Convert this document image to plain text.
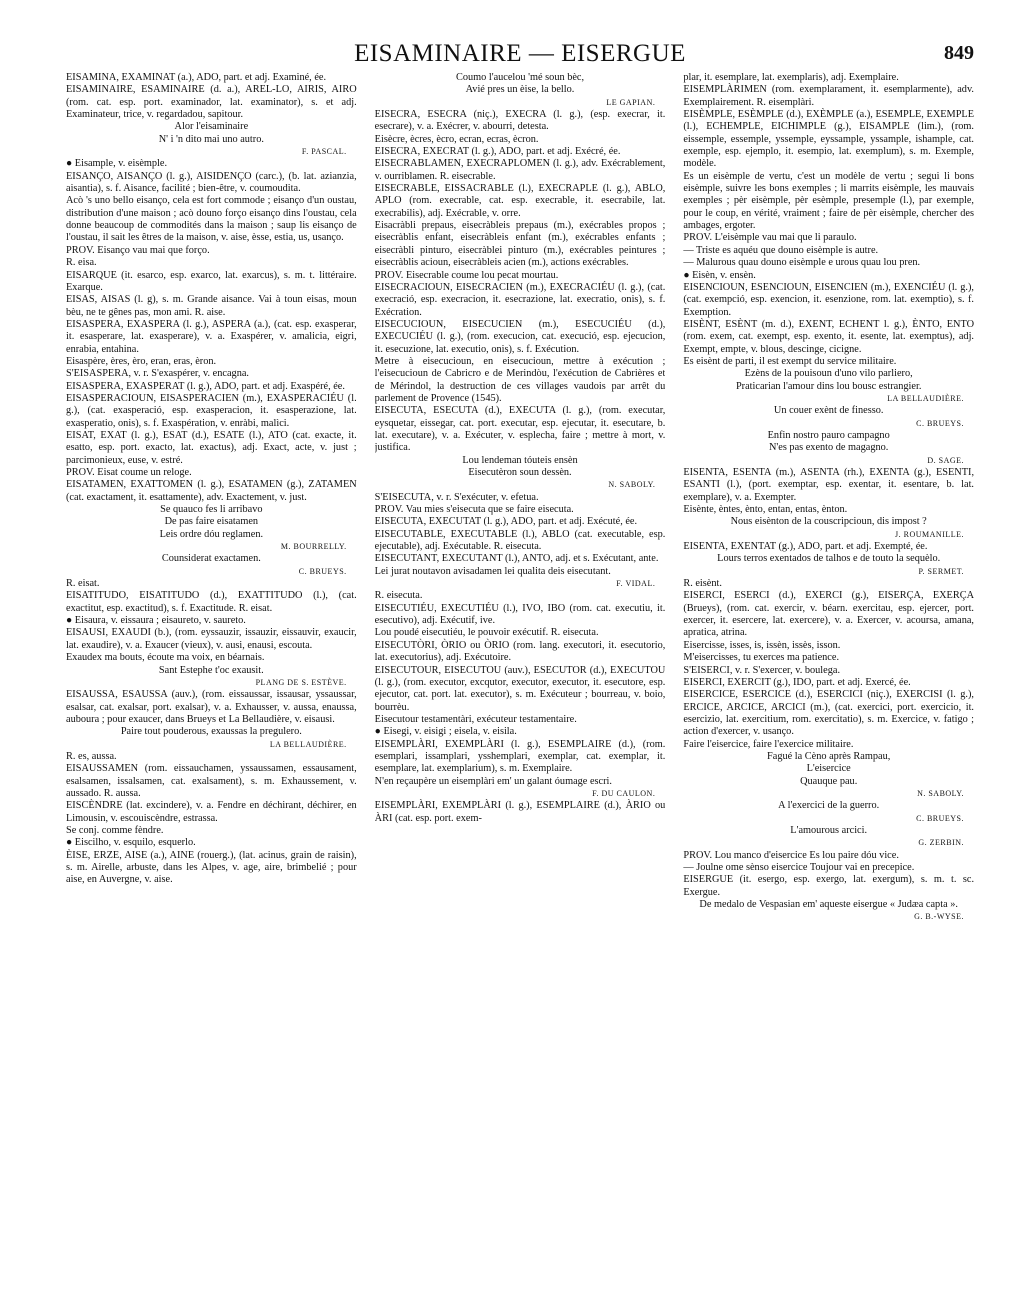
EISAMINAIRE — EISERGUE	849

EISAMINA, EXAMINAT (a.), ADO, part. et adj. Examiné, ée.

EISAMINAIRE, ESAMINAIRE (d. a.), AREL-LO, AIRIS, AIRO (rom. cat. esp. port. examinador, lat. examinator), s. et adj. Examinateur, trice, v. regardadou, sapitour.

Alor l'eisaminaire

N' i 'n dito mai uno autro.

F. PASCAL.

● Eisample, v. eisèmple.

EISANÇO, AISANÇO (l. g.), AISIDENÇO (carc.), (b. lat. azianzia, aisantia), s. f. Aisance, facilité ; bien-être, v. coumoudita.

Acò 's uno bello eisanço, cela est fort commode ; eisanço d'un oustau, distribution d'une maison ; acò douno forço eisanço dins l'oustau, cela donne beaucoup de commodités dans la maison ; saup lis eisanço de l'oustau, il sait les êtres de la maison, v. aise, èsse, estia, us, usanço.

PROV. Eisanço vau mai que forço.

R. eisa.

EISARQUE (it. esarco, esp. exarco, lat. exarcus), s. m. t. littéraire. Exarque.

EISAS, AISAS (l. g), s. m. Grande aisance. Vai à toun eisas, moun bèu, ne te gênes pas, mon ami. R. aise.

EISASPERA, EXASPERA (l. g.), ASPERA (a.), (cat. esp. exasperar, it. esasperare, lat. exasperare), v. a. Exaspérer, v. amalicia, eigri, enrabia, entahina.

Eisaspère, ères, èro, eran, eras, èron.

S'EISASPERA, v. r. S'exaspérer, v. encagna.

EISASPERA, EXASPERAT (l. g.), ADO, part. et adj. Exaspéré, ée.

EISASPERACIOUN, EISASPERACIEN (m.), EXASPERACIÉU (l. g.), (cat. exasperació, esp. exasperacion, it. esasperazione, lat. exasperatio, onis), s. f. Exaspération, v. enràbi, malìci.

EISAT, EXAT (l. g.), ESAT (d.), ESATE (l.), ATO (cat. exacte, it. esatto, esp. port. exacto, lat. exactus), adj. Exact, acte, v. just ; parcimonieux, euse, v. estré.

PROV. Eisat coume un reloge.

EISATAMEN, EXATTOMEN (l. g.), ESATAMEN (g.), ZATAMEN (cat. exactament, it. esattamente), adv. Exactement, v. just.

Se quauco fes li arribavo

De pas faire eisatamen

Leis ordre dóu reglamen.

M. BOURRELLY.

Counsiderat exactamen.

C. BRUEYS.

R. eisat.

EISATITUDO, EISATITUDO (d.), EXATTITUDO (l.), (cat. exactitut, esp. exactitud), s. f. Exactitude. R. eisat.

● Eisaura, v. eissaura ; eisaureto, v. saureto.

EISAUSI, EXAUDI (b.), (rom. eyssauzir, issauzir, eissauvir, exaucir, lat. exaudire), v. a. Exaucer (vieux), v. ausi, enausi, escouta.

Exaudex ma bouts, écoute ma voix, en béarnais.

Sant Estephe t'oc exausit.

PLANG DE S. ESTÈVE.

EISAUSSA, ESAUSSA (auv.), (rom. eissaussar, issausar, yssaussar, esalsar, cat. exalsar, port. exalsar), v. a. Exhausser, v. aussa, enaussa, auboura ; pour exaucer, dans Brueys et La Bellaudière, v. eisausi.

Paire tout pouderous, exaussas la pregulero.

LA BELLAUDIÈRE.

R. es, aussa.

EISAUSSAMEN (rom. eissauchamen, yssaussamen, essausament, esalsamen, issalsamen, cat. exalsament), s. m. Exhaussement, v. aussado. R. aussa.

EISCÈNDRE (lat. excindere), v. a. Fendre en déchirant, déchirer, en Limousin, v. escouiscèndre, estrassa.

Se conj. comme fèndre.

● Eiscilho, v. esquilo, esquerlo.

ÈISE, ERZE, AISE (a.), AINE (rouerg.), (lat. acinus, grain de raisin), s. m. Airelle, arbuste, dans les Alpes, v. age, aire, brimbelié ; pour aise, en Auvergne, v. aise.

Coumo l'aucelou 'mé soun bèc,

Avié pres un èise, la bello.

LE GAPIAN.

EISECRA, ESECRA (niç.), EXECRA (l. g.), (esp. execrar, it. esecrare), v. a. Exécrer, v. abourri, detesta.

Eisècre, ècres, ècro, ecran, ecras, ècron.

EISECRA, EXECRAT (l. g.), ADO, part. et adj. Exécré, ée.

EISECRABLAMEN, EXECRAPLOMEN (l. g.), adv. Exécrablement, v. ourriblamen. R. eisecrable.

EISECRABLE, EISSACRABLE (l.), EXECRAPLE (l. g.), ABLO, APLO (rom. execrable, cat. esp. execrable, it. esecrabile, lat. execrabilis), adj. Exécrable, v. orre.

Eisacràbli prepaus, eisecràbleis prepaus (m.), exécrables propos ; eisecràblis enfant, eisecràbleis enfant (m.), exécrables enfants ; eisecràbli pinturo, eisecràblei pinturo (m.), exécrables peintures ; eisecràblis acioun, eisecràbleis acien (m.), actions exécrables.

PROV. Eisecrable coume lou pecat mourtau.

EISECRACIOUN, EISECRACIEN (m.), EXECRACIÉU (l. g.), (cat. execració, esp. execracion, it. esecrazione, lat. execratio, onis), s. f. Exécration.

EISECUCIOUN, EISECUCIEN (m.), ESECUCIÉU (d.), EXECUCIÉU (l. g.), (rom. execucion, cat. execució, esp. ejecucion, it. esecuzione, lat. executio, onis), s. f. Exécution.

Metre à eisecucioun, en eisecucioun, mettre à exécution ; l'eisecucioun de Cabricro e de Merindòu, l'exécution de Cabrières et de Mérindol, la destruction de ces villages vaudois par arrêt du parlement de Provence (1545).

EISECUTA, ESECUTA (d.), EXECUTA (l. g.), (rom. executar, eysquetar, eissegar, cat. port. executar, esp. ejecutar, it. esecutare, b. lat. executare), v. a. Exécuter, v. esplecha, faire ; mettre à mort, v. justifica.

Lou lendeman tóuteis ensèn

Eisecutèron soun dessèn.

N. SABOLY.

S'EISECUTA, v. r. S'exécuter, v. efetua.

PROV. Vau mies s'eisecuta que se faire eisecuta.

EISECUTA, EXECUTAT (l. g.), ADO, part. et adj. Exécuté, ée.

EISECUTABLE, EXECUTABLE (l.), ABLO (cat. executable, esp. ejecutable), adj. Exécutable. R. eisecuta.

EISECUTANT, EXECUTANT (l.), ANTO, adj. et s. Exécutant, ante.

Lei jurat noutavon avisadamen lei qualita deis eisecutant.

F. VIDAL.

R. eisecuta.

EISECUTIÉU, EXECUTIÉU (l.), IVO, IBO (rom. cat. executiu, it. esecutivo), adj. Exécutif, ive.

Lou poudé eisecutiéu, le pouvoir exécutif. R. eisecuta.

EISECUTÒRI, ÒRIO ou ÒRIO (rom. lang. executori, it. esecutorio, lat. executorius), adj. Exécutoire.

EISECUTOUR, EISECUTOU (auv.), ESECUTOR (d.), EXECUTOU (l. g.), (rom. executor, excqutor, executor, executor, it. esecutore, esp. ejecutor, cat. port. lat. executor), s. m. Exécuteur ; bourreau, v. boio, bourrèu.

Eisecutour testamentàri, exécuteur testamentaire.

● Eisegi, v. eisigi ; eisela, v. eisila.

EISEMPLÀRI, EXEMPLÀRI (l. g.), ESEMPLAIRE (d.), (rom. esemplari, issamplari, ysshemplari, exemplar, cat. exemplar, it. esemplare, lat. exemplarium), s. m. Exemplaire.

N'en reçaupère un eisemplàri em' un galant óumage escri.

F. DU CAULON.

EISEMPLÀRI, EXEMPLÀRI (l. g.), ESEMPLAIRE (d.), ÀRIO ou ÀRI (cat. esp. port. exem-

plar, it. esemplare, lat. exemplaris), adj. Exemplaire.

EISEMPLÀRIMEN (rom. exemplarament, it. esemplarmente), adv. Exemplairement. R. eisemplàri.

EISÈMPLE, ESÈMPLE (d.), EXÈMPLE (a.), ESEMPLE, EXEMPLE (l.), ECHEMPLE, EICHIMPLE (g.), EISAMPLE (lim.), (rom. eissemple, essemple, yssemple, eyssample, yssample, ishample, cat. exemple, esp. ejemplo, it. esempio, lat. exemplum), s. m. Exemple, modèle.

Es un eisèmple de vertu, c'est un modèle de vertu ; segui li bons eisèmple, suivre les bons exemples ; li marrits eisèmple, les mauvais exemples ; pèr eisèmple, pèr esèmple, presemple (l.), par exemple, pour le coup, en vérité, vraiment ; faire de pèr eisèmple, chercher des ambages, ergoter.

PROV. L'eisèmple vau mai que li paraulo.

— Triste es aquéu que douno eisèmple is autre.

— Malurous quau douno eisèmple e urous quau lou pren.

● Eisèn, v. ensèn.

EISENCIOUN, ESENCIOUN, EISENCIEN (m.), EXENCIÉU (l. g.), (cat. exempció, esp. exencion, it. esenzione, rom. lat. exemptio), s. f. Exemption.

EISÈNT, ESÈNT (m. d.), EXENT, ECHENT l. g.), ÈNTO, ENTO (rom. exem, cat. exempt, esp. exento, it. esente, lat. exemptus), adj. Exempt, empte, v. blous, descinge, cicigne.

Es eisènt de parti, il est exempt du service militaire.

Ezèns de la pouisoun d'uno vilo parliero,

Praticarian l'amour dins lou bousc estrangier.

LA BELLAUDIÈRE.

Un couer exènt de finesso.

C. BRUEYS.

Enfin nostro pauro campagno

N'es pas exento de magagno.

D. SAGE.

EISENTA, ESENTA (m.), ASENTA (rh.), EXENTA (g.), ESENTI, ESANTI (l.), (port. exemptar, esp. exentar, it. esentare, b. lat. exemplare), v. a. Exempter.

Eisènte, èntes, ènto, entan, entas, ènton.

Nous eisènton de la couscripcioun, dis impost ?

J. ROUMANILLE.

EISENTA, EXENTAT (g.), ADO, part. et adj. Exempté, ée.

Lours terros exentados de talhos e de touto la sequèlo.

P. SERMET.

R. eisènt.

EISERCI, ESERCI (d.), EXERCI (g.), EISERÇA, EXERÇA (Brueys), (rom. cat. exercir, v. béarn. exercitau, esp. ejercer, port. exercer, it. esercere, lat. exercere), v. a. Exercer, v. acoursa, amana, apratica, atrina.

Eisercisse, isses, is, issèn, issès, isson.

M'eisercisses, tu exerces ma patience.

S'EISERCI, v. r. S'exercer, v. boulega.

EISERCI, EXERCIT (g.), IDO, part. et adj. Exercé, ée.

EISERCICE, ESERCICE (d.), ESERCICI (niç.), EXERCISI (l. g.), ERCICE, ARCICE, ARCICI (m.), (cat. exercici, port. exercicio, it. esercizio, lat. exercitium, rom. exercitatio), s. m. Exercice, v. fatigo ; action d'exercer, v. usanço.

Faire l'eisercice, faire l'exercice militaire.

Fagué la Cèno après Rampau,

L'eisercice

Quauque pau.

N. SABOLY.

A l'exercici de la guerro.

C. BRUEYS.

L'amourous arcici.

G. ZERBIN.

PROV. Lou manco d'eisercice Es lou paire dóu vice.

— Joulne ome sènso eisercice Toujour vai en precepice.

EISERGUE (it. esergo, esp. exergo, lat. exergum), s. m. t. sc. Exergue.

De medalo de Vespasian em' aqueste eisergue « Judæa capta ».

G. B.-WYSE.
